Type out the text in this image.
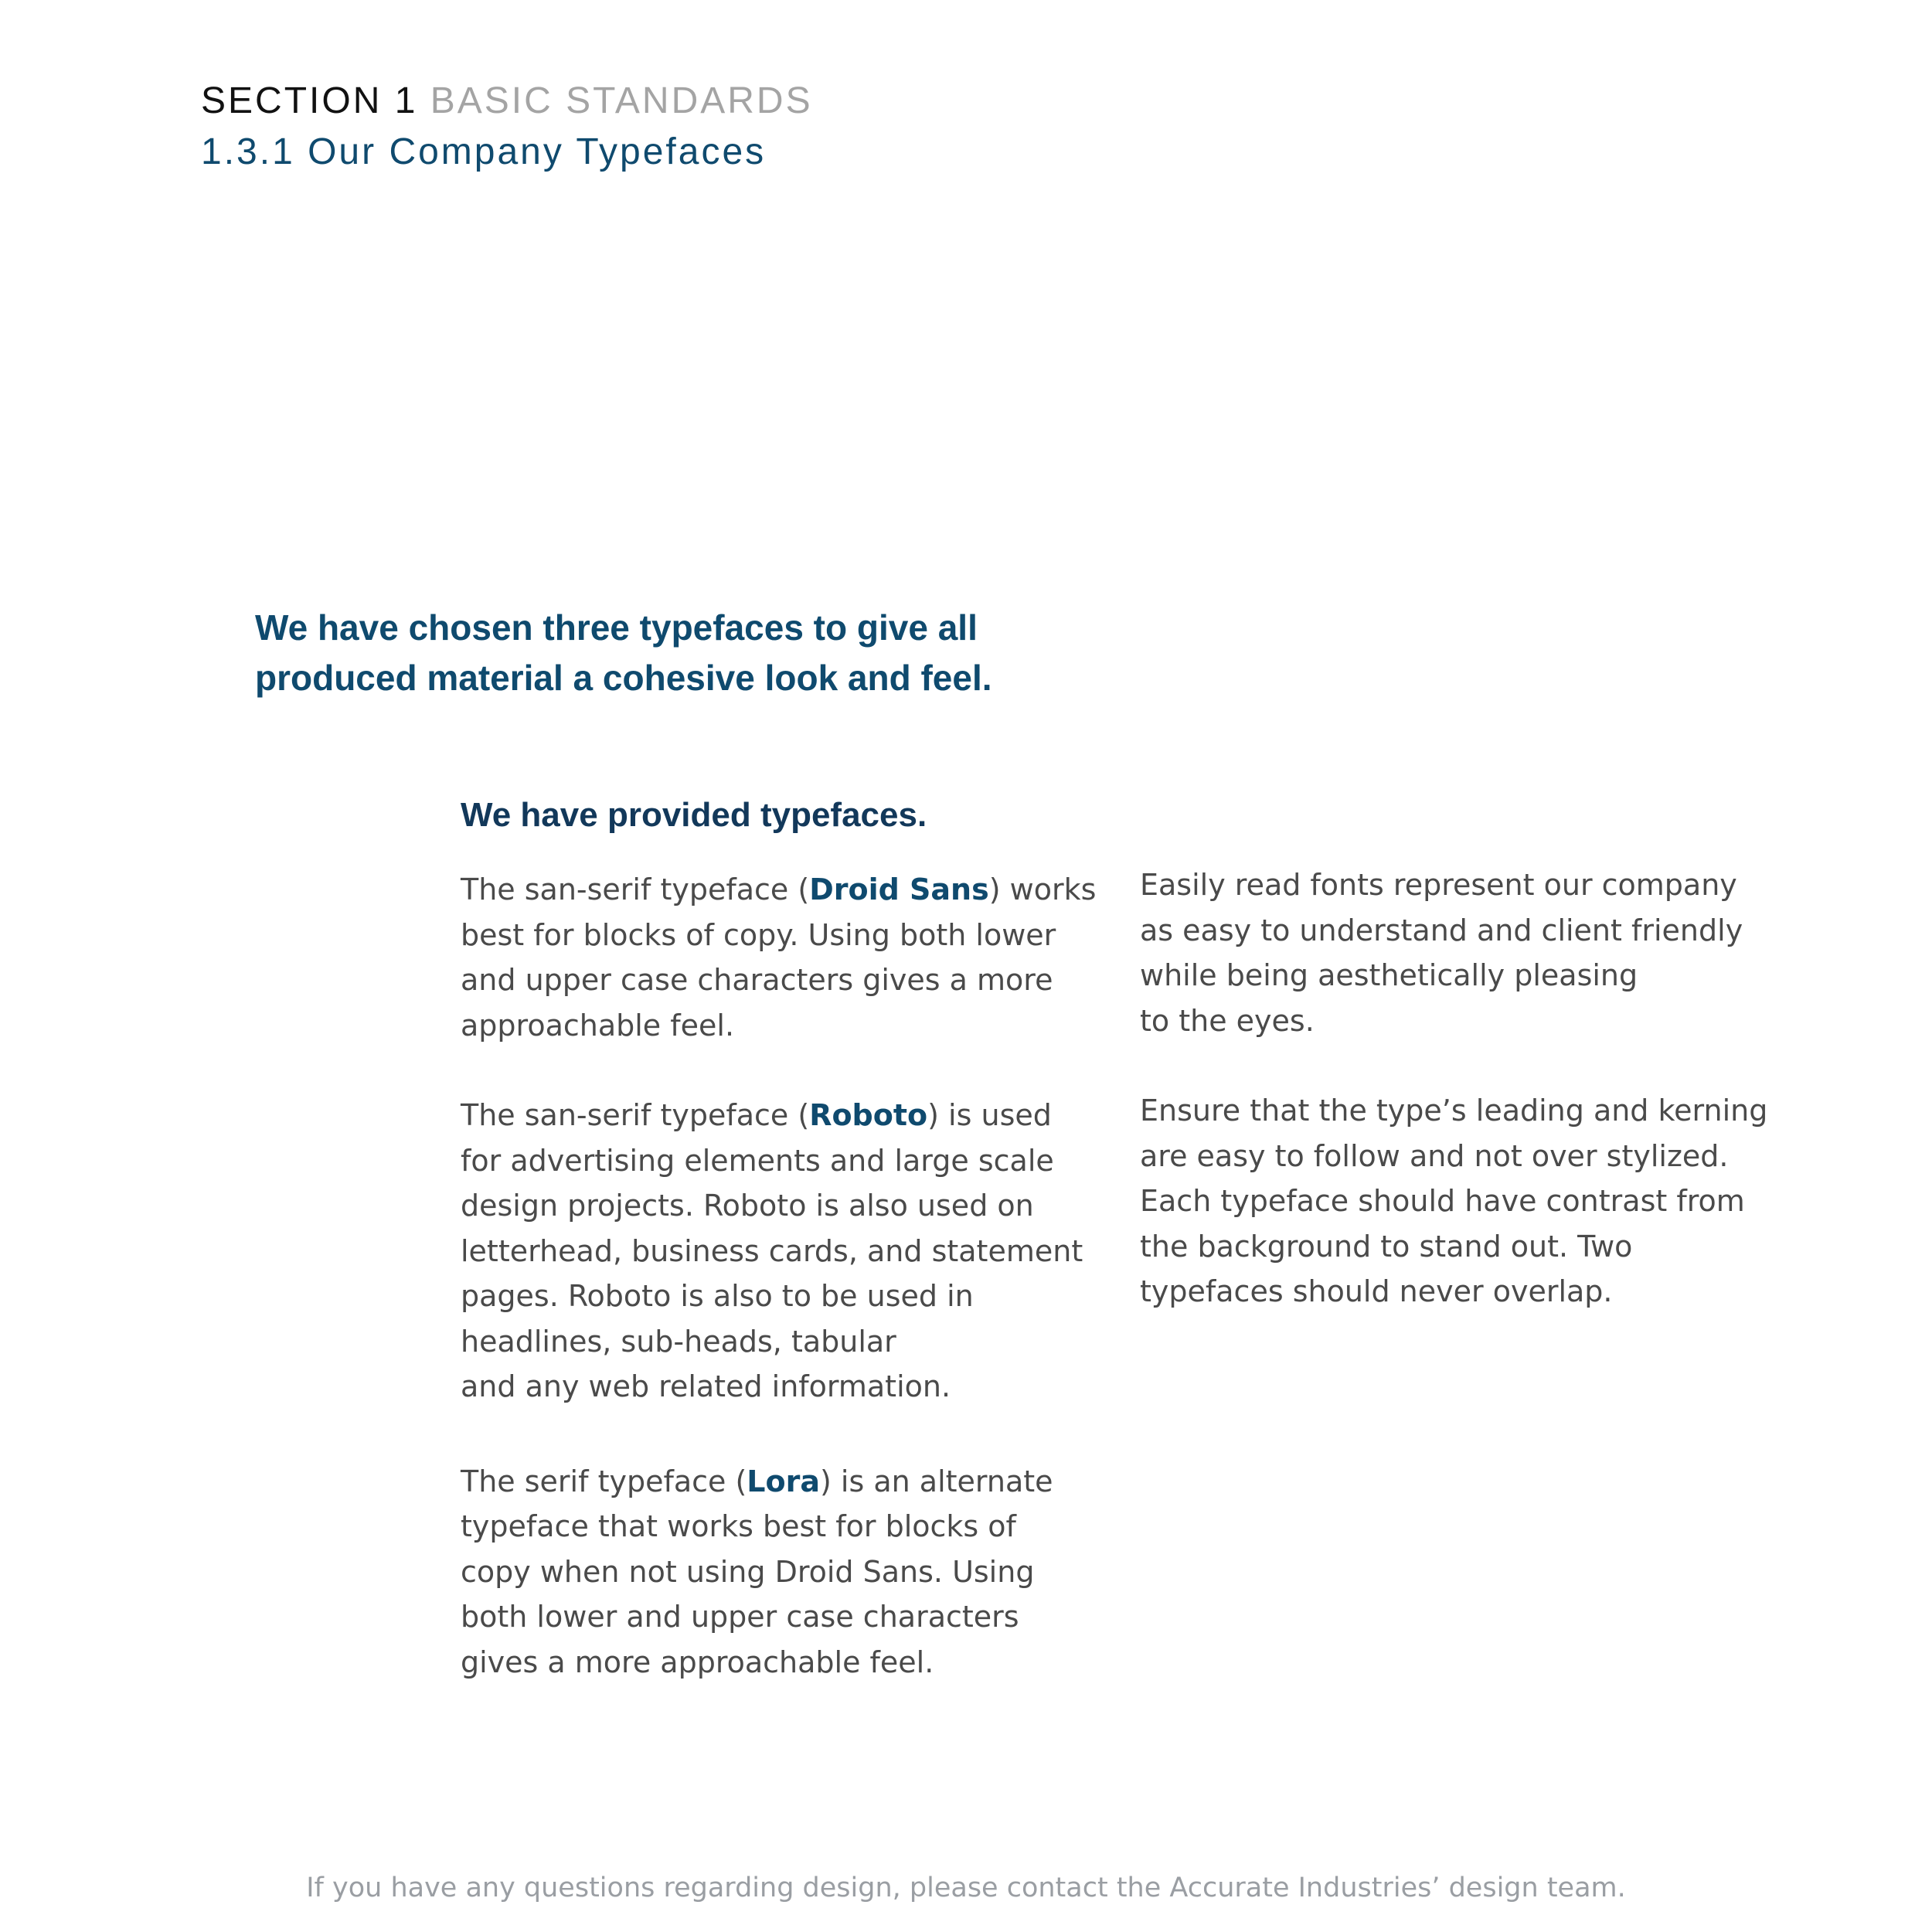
SECTION 1 BASIC STANDARDS
1.3.1 Our Company Typefaces
We have chosen three typefaces to give all
produced material a cohesive look and feel.
We have provided typefaces.

The san-serif typeface (Droid Sans) works
best for blocks of copy. Using both lower
and upper case characters gives a more
approachable feel.

The san-serif typeface (Roboto) is used
for advertising elements and large scale
design projects. Roboto is also used on
letterhead, business cards, and statement
pages. Roboto is also to be used in
headlines, sub-heads, tabular
and any web related information.

The serif typeface (Lora) is an alternate
typeface that works best for blocks of
copy when not using Droid Sans. Using
both lower and upper case characters
gives a more approachable feel.

Easily read fonts represent our company
as easy to understand and client friendly
while being aesthetically pleasing
to the eyes.

Ensure that the type’s leading and kerning
are easy to follow and not over stylized.
Each typeface should have contrast from
the background to stand out. Two
typefaces should never overlap.

If you have any questions regarding design, please contact the Accurate Industries’ design team.
